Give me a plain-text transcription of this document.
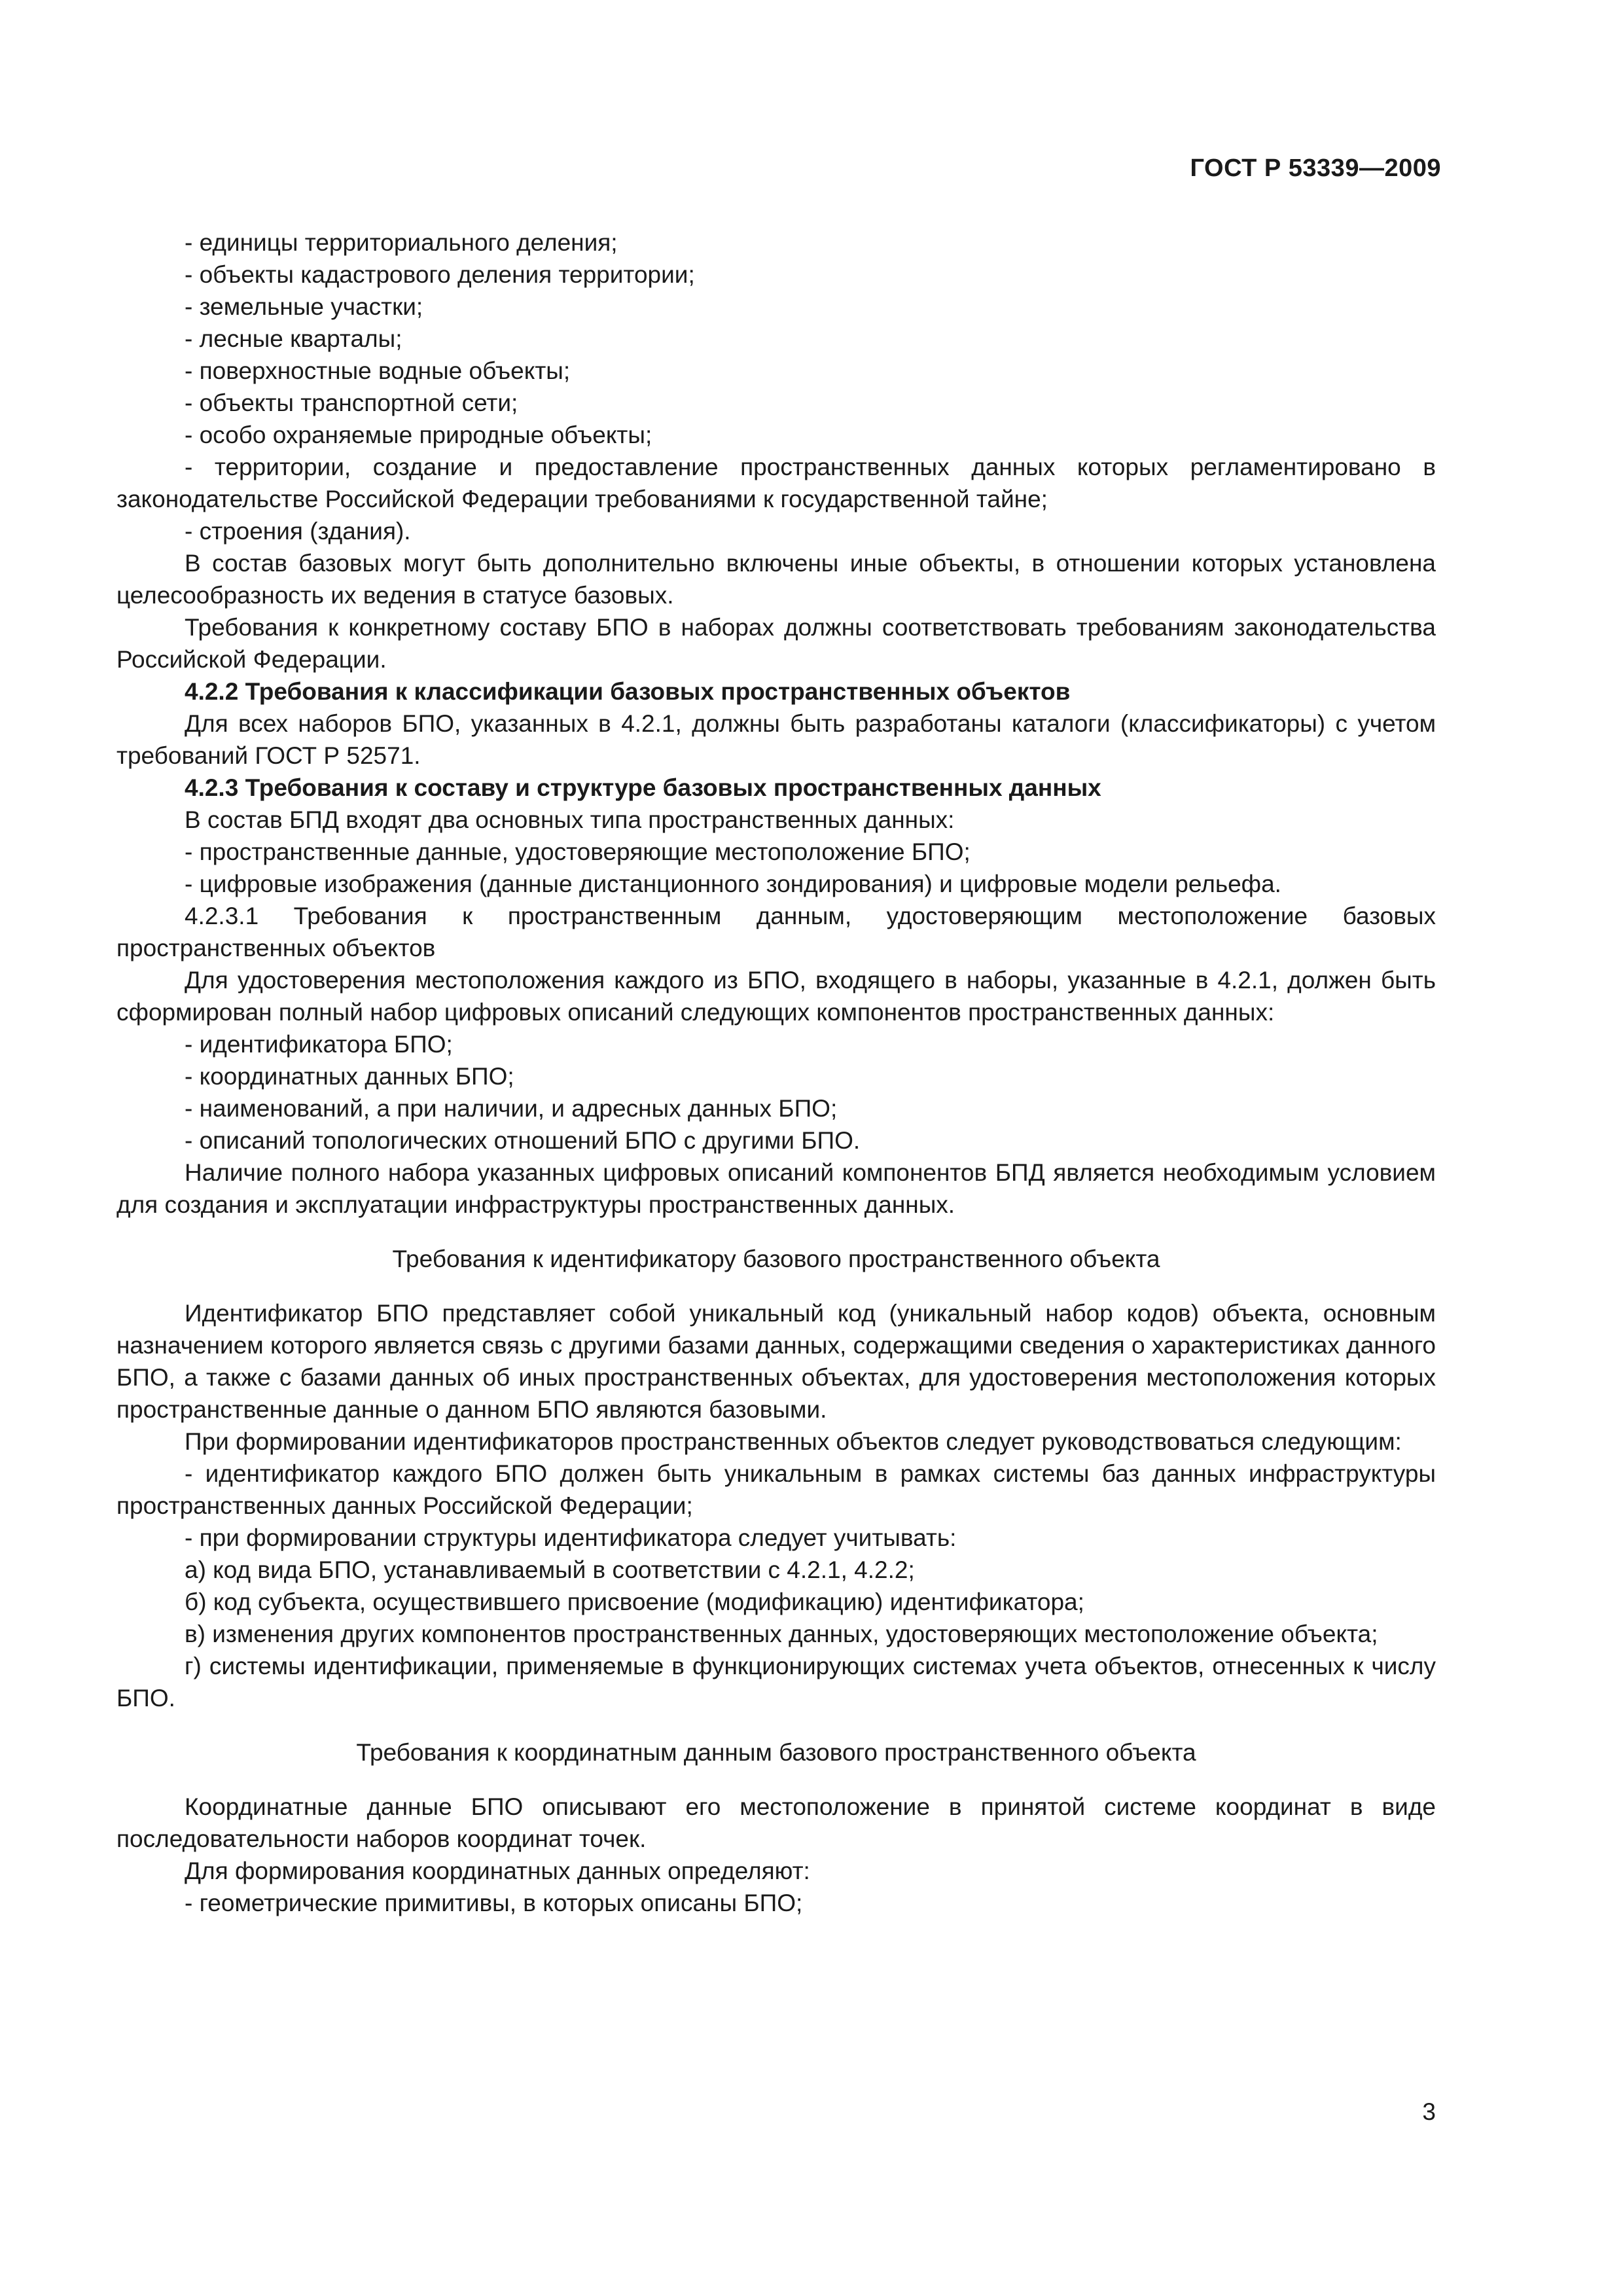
ГОСТ Р 53339—2009

- единицы территориального деления;

- объекты кадастрового деления территории;

- земельные участки;

- лесные кварталы;

- поверхностные водные объекты;

- объекты транспортной сети;

- особо охраняемые природные объекты;

- территории, создание и предоставление пространственных данных которых регламентировано в законодательстве Российской Федерации требованиями к государственной тайне;

- строения (здания).

В состав базовых могут быть дополнительно включены иные объекты, в отношении которых установлена целесообразность их ведения в статусе базовых.

Требования к конкретному составу БПО в наборах должны соответствовать требованиям законодательства Российской Федерации.

4.2.2 Требования к классификации базовых пространственных объектов

Для всех наборов БПО, указанных в 4.2.1, должны быть разработаны каталоги (классификаторы) с учетом требований ГОСТ Р 52571.

4.2.3 Требования к составу и структуре базовых пространственных данных

В состав БПД входят два основных типа пространственных данных:

- пространственные данные, удостоверяющие местоположение БПО;

- цифровые изображения (данные дистанционного зондирования) и цифровые модели рельефа.

4.2.3.1 Требования к пространственным данным, удостоверяющим местоположение базовых пространственных объектов

Для удостоверения местоположения каждого из БПО, входящего в наборы, указанные в 4.2.1, должен быть сформирован полный набор цифровых описаний следующих компонентов пространственных данных:

- идентификатора БПО;

- координатных данных БПО;

- наименований, а при наличии, и адресных данных БПО;

- описаний топологических отношений БПО с другими БПО.

Наличие полного набора указанных цифровых описаний компонентов БПД является необходимым условием для создания и эксплуатации инфраструктуры пространственных данных.

Требования к идентификатору базового пространственного объекта

Идентификатор БПО представляет собой уникальный код (уникальный набор кодов) объекта, основным назначением которого является связь с другими базами данных, содержащими сведения о характеристиках данного БПО, а также с базами данных об иных пространственных объектах, для удостоверения местоположения которых пространственные данные о данном БПО являются базовыми.

При формировании идентификаторов пространственных объектов следует руководствоваться следующим:

- идентификатор каждого БПО должен быть уникальным в рамках системы баз данных инфраструктуры пространственных данных Российской Федерации;

- при формировании структуры идентификатора следует учитывать:

а) код вида БПО, устанавливаемый в соответствии с 4.2.1, 4.2.2;

б) код субъекта, осуществившего присвоение (модификацию) идентификатора;

в) изменения других компонентов пространственных данных, удостоверяющих местоположение объекта;

г) системы идентификации, применяемые в функционирующих системах учета объектов, отнесенных к числу БПО.

Требования к координатным данным базового пространственного объекта

Координатные данные БПО описывают его местоположение в принятой системе координат в виде последовательности наборов координат точек.

Для формирования координатных данных определяют:

- геометрические примитивы, в которых описаны БПО;

3
